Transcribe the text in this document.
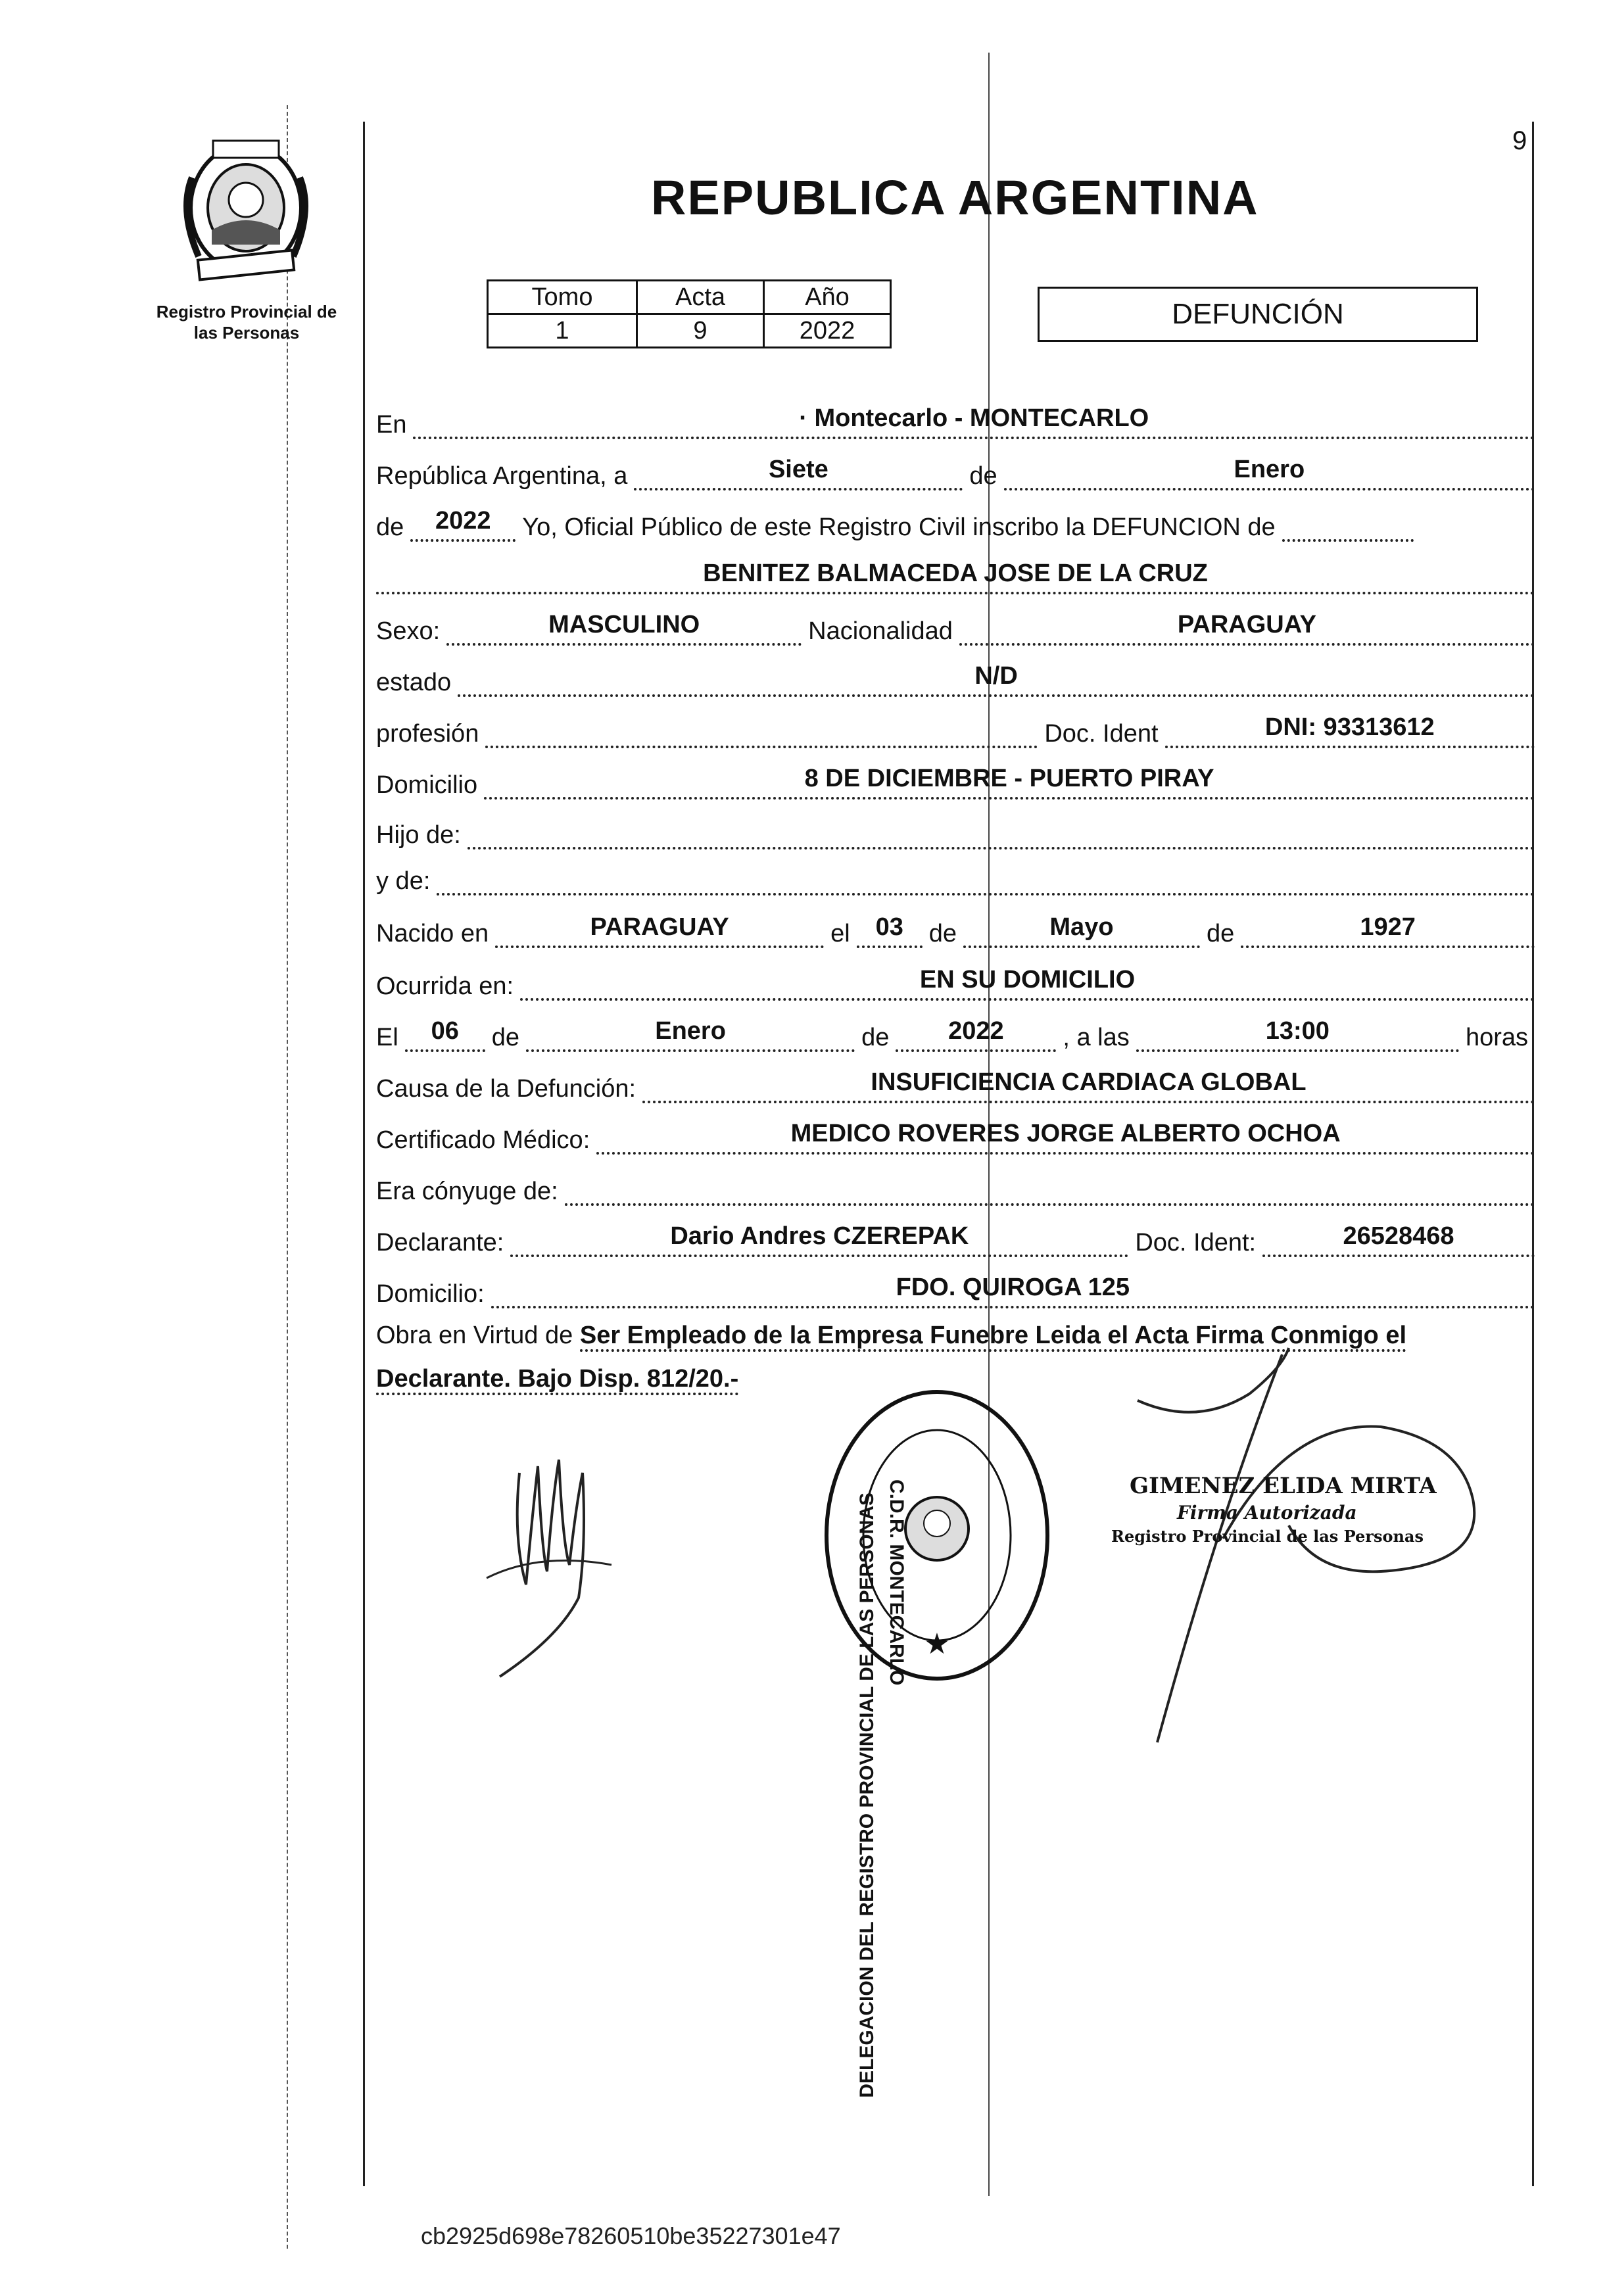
9
Registro Provincial de
las Personas
REPUBLICA ARGENTINA
Tomo	Acta	Año
1	9	2022
DEFUNCIÓN
En	· Montecarlo - MONTECARLO
República Argentina, a	Siete	de	Enero
de	2022	Yo, Oficial Público de este Registro Civil inscribo la DEFUNCION de
BENITEZ BALMACEDA JOSE DE LA CRUZ
Sexo:	MASCULINO	Nacionalidad	PARAGUAY
estado	N/D
profesión	Doc. Ident	DNI: 93313612
Domicilio	8 DE DICIEMBRE - PUERTO PIRAY
Hijo de:
y de:
Nacido en	PARAGUAY	el	03	de	Mayo	de	1927
Ocurrida en:	EN SU DOMICILIO
El	06	de	Enero	de	2022	, a las	13:00	horas
Causa de la Defunción:	INSUFICIENCIA CARDIACA GLOBAL
Certificado Médico:	MEDICO ROVERES JORGE ALBERTO OCHOA
Era cónyuge de:
Declarante:	Dario Andres CZEREPAK	Doc. Ident:	26528468
Domicilio:	FDO. QUIROGA 125
Obra en Virtud de Ser Empleado de la Empresa Funebre Leida el Acta Firma Conmigo el Declarante. Bajo Disp. 812/20.-
★
DELEGACION DEL REGISTRO PROVINCIAL DE LAS PERSONAS C.D.R. MONTECARLO	GIMENEZ ELIDA MIRTA
Firma Autorizada
Registro Provincial de las Personas
cb2925d698e78260510be35227301e47
